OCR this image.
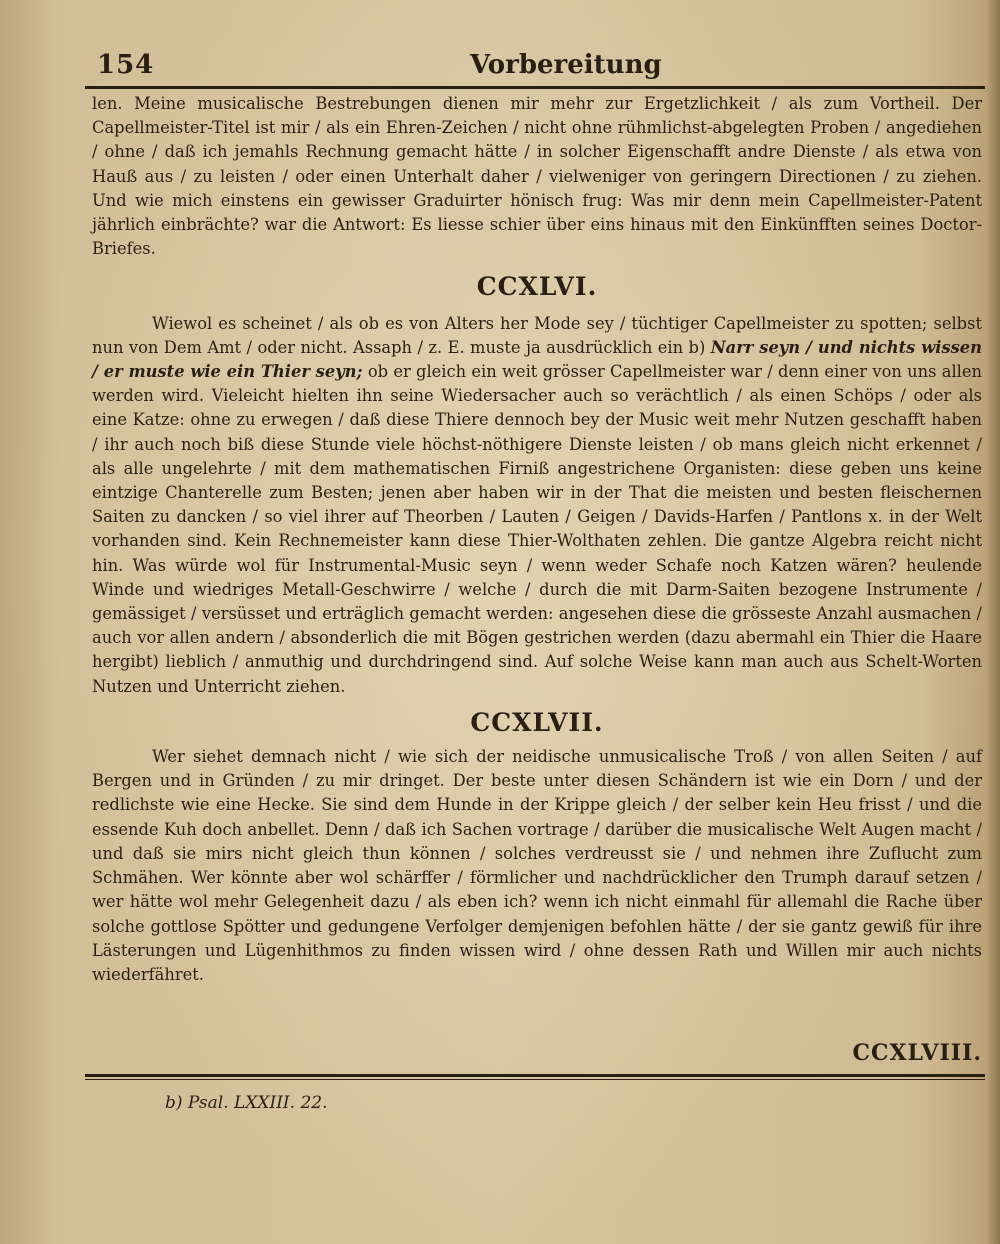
154	Vorbereitung

len. Meine musicalische Bestrebungen dienen mir mehr zur Ergetzlichkeit / als zum Vortheil. Der Capellmeister-Titel ist mir / als ein Ehren-Zeichen / nicht ohne rühmlichst-abgelegten Proben / angediehen / ohne / daß ich jemahls Rechnung gemacht hätte / in solcher Eigenschafft andre Dienste / als etwa von Hauß aus / zu leisten / oder einen Unterhalt daher / vielweniger von geringern Directionen / zu ziehen. Und wie mich einstens ein gewisser Graduirter hönisch frug: Was mir denn mein Capellmeister-Patent jährlich einbrächte? war die Antwort: Es liesse schier über eins hinaus mit den Einkünfften seines Doctor-Briefes.

CCXLVI.

Wiewol es scheinet / als ob es von Alters her Mode sey / tüchtiger Capellmeister zu spotten; selbst nun von Dem Amt / oder nicht. Assaph / z. E. muste ja ausdrücklich ein b) Narr seyn / und nichts wissen / er muste wie ein Thier seyn; ob er gleich ein weit grösser Capellmeister war / denn einer von uns allen werden wird. Vieleicht hielten ihn seine Wiedersacher auch so verächtlich / als einen Schöps / oder als eine Katze: ohne zu erwegen / daß diese Thiere dennoch bey der Music weit mehr Nutzen geschafft haben / ihr auch noch biß diese Stunde viele höchst-nöthigere Dienste leisten / ob mans gleich nicht erkennet / als alle ungelehrte / mit dem mathematischen Firniß angestrichene Organisten: diese geben uns keine eintzige Chanterelle zum Besten; jenen aber haben wir in der That die meisten und besten fleischernen Saiten zu dancken / so viel ihrer auf Theorben / Lauten / Geigen / Davids-Harfen / Pantlons x. in der Welt vorhanden sind. Kein Rechnemeister kann diese Thier-Wolthaten zehlen. Die gantze Algebra reicht nicht hin. Was würde wol für Instrumental-Music seyn / wenn weder Schafe noch Katzen wären? heulende Winde und wiedriges Metall-Geschwirre / welche / durch die mit Darm-Saiten bezogene Instrumente / gemässiget / versüsset und erträglich gemacht werden: angesehen diese die grösseste Anzahl ausmachen / auch vor allen andern / absonderlich die mit Bögen gestrichen werden (dazu abermahl ein Thier die Haare hergibt) lieblich / anmuthig und durchdringend sind. Auf solche Weise kann man auch aus Schelt-Worten Nutzen und Unterricht ziehen.

CCXLVII.

Wer siehet demnach nicht / wie sich der neidische unmusicalische Troß / von allen Seiten / auf Bergen und in Gründen / zu mir dringet. Der beste unter diesen Schändern ist wie ein Dorn / und der redlichste wie eine Hecke. Sie sind dem Hunde in der Krippe gleich / der selber kein Heu frisst / und die essende Kuh doch anbellet. Denn / daß ich Sachen vortrage / darüber die musicalische Welt Augen macht / und daß sie mirs nicht gleich thun können / solches verdreusst sie / und nehmen ihre Zuflucht zum Schmähen. Wer könnte aber wol schärffer / förmlicher und nachdrücklicher den Trumph darauf setzen / wer hätte wol mehr Gelegenheit dazu / als eben ich? wenn ich nicht einmahl für allemahl die Rache über solche gottlose Spötter und gedungene Verfolger demjenigen befohlen hätte / der sie gantz gewiß für ihre Lästerungen und Lügenhithmos zu finden wissen wird / ohne dessen Rath und Willen mir auch nichts wiederfähret.

CCXLVIII.
b) Psal. LXXIII. 22.
